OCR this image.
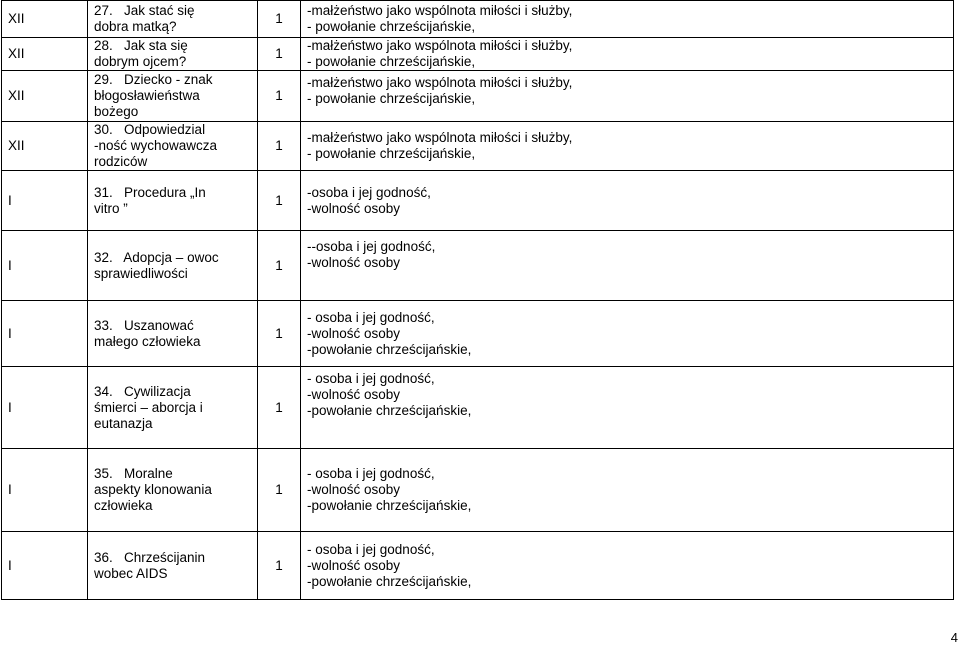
XII	27.   Jak stać się
dobra matką?	1	-małżeństwo jako wspólnota miłości i służby,
- powołanie chrześcijańskie,

XII	28.   Jak sta się
dobrym ojcem?	1	-małżeństwo jako wspólnota miłości i służby,
- powołanie chrześcijańskie,

XII	29.   Dziecko - znak
błogosławieństwa
bożego	1	-małżeństwo jako wspólnota miłości i służby,
- powołanie chrześcijańskie,

XII	30.   Odpowiedzial
-ność wychowawcza
rodziców	1	-małżeństwo jako wspólnota miłości i służby,
- powołanie chrześcijańskie,

I	31.   Procedura „In
vitro ”	1	-osoba i jej godność,
-wolność osoby

I	32.   Adopcja – owoc
sprawiedliwości	1	--osoba i jej godność,
-wolność osoby

I	33.   Uszanować
małego człowieka	1	- osoba i jej godność,
-wolność osoby
-powołanie chrześcijańskie,

I	34.   Cywilizacja
śmierci – aborcja i
eutanazja	1	- osoba i jej godność,
-wolność osoby
-powołanie chrześcijańskie,

I	35.   Moralne
aspekty klonowania
człowieka	1	- osoba i jej godność,
-wolność osoby
-powołanie chrześcijańskie,

I	36.   Chrześcijanin
wobec AIDS	1	- osoba i jej godność,
-wolność osoby
-powołanie chrześcijańskie,
4
